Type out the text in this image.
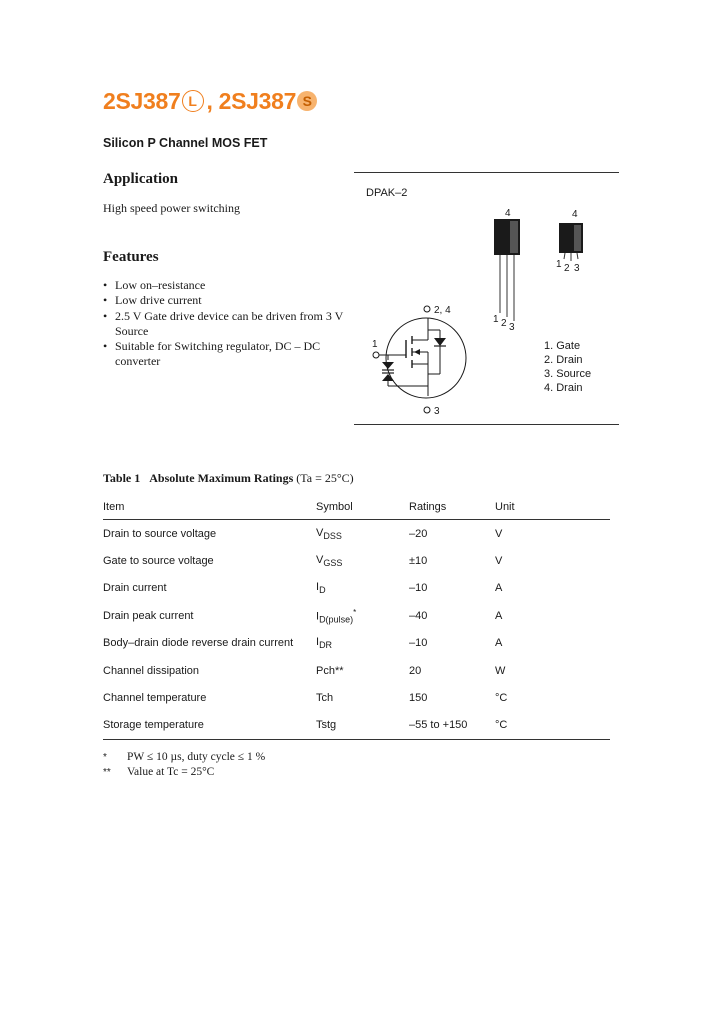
2SJ387 L , 2SJ387 S
Silicon P Channel MOS FET
Application
High speed power switching
Features
• Low on–resistance
• Low drive current
• 2.5 V Gate drive device can be driven from 3 V Source
• Suitable for Switching regulator, DC – DC converter
DPAK–2
4
1 2 3
4
1 2 3
1
2, 4
3
1. Gate
2. Drain
3. Source
4. Drain
Table 1 Absolute Maximum Ratings (Ta = 25°C)
Item	Symbol	Ratings	Unit
Drain to source voltage	$V_{DSS}$	–20	V
Gate to source voltage	$V_{GSS}$	±10	V
Drain current	$I_D$	–10	A
Drain peak current	$I_{D(pulse)}^*$	–40	A
Body–drain diode reverse drain current	$I_{DR}$	–10	A
Channel dissipation	Pch**	20	W
Channel temperature	Tch	150	°C
Storage temperature	Tstg	–55 to +150	°C
*	PW ≤ 10 µs, duty cycle ≤ 1 %
**	Value at Tc = 25°C
